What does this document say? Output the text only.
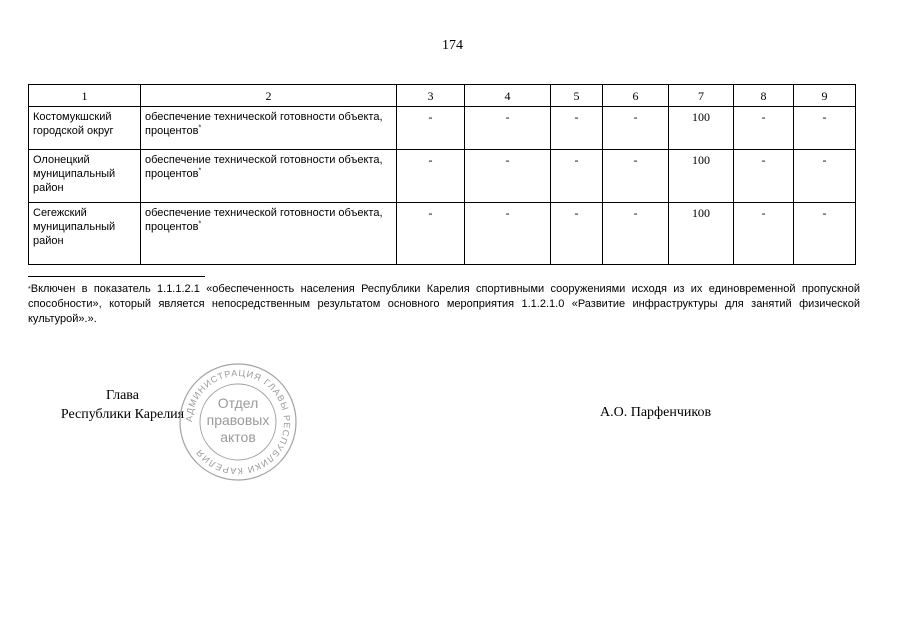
174
1	2	3	4	5	6	7	8	9
Костомукшский городской округ	обеспечение технической готовности объекта, процентов*	-	-	-	-	100	-	-
Олонецкий муниципальный район	обеспечение технической готовности объекта, процентов*	-	-	-	-	100	-	-
Сегежский муниципальный район	обеспечение технической готовности объекта, процентов*	-	-	-	-	100	-	-
*Включен в показатель 1.1.1.2.1 «обеспеченность населения Республики Карелия спортивными сооружениями исходя из их единовременной пропускной способности», который является непосредственным результатом основного мероприятия 1.1.2.1.0 «Развитие инфраструктуры для занятий физической культурой».».
Глава
Республики Карелия АДМИНИСТРАЦИЯ ГЛАВЫ РЕСПУБЛИКИ КАРЕЛИЯ
Отдел
правовых
актов
А.О. Парфенчиков
